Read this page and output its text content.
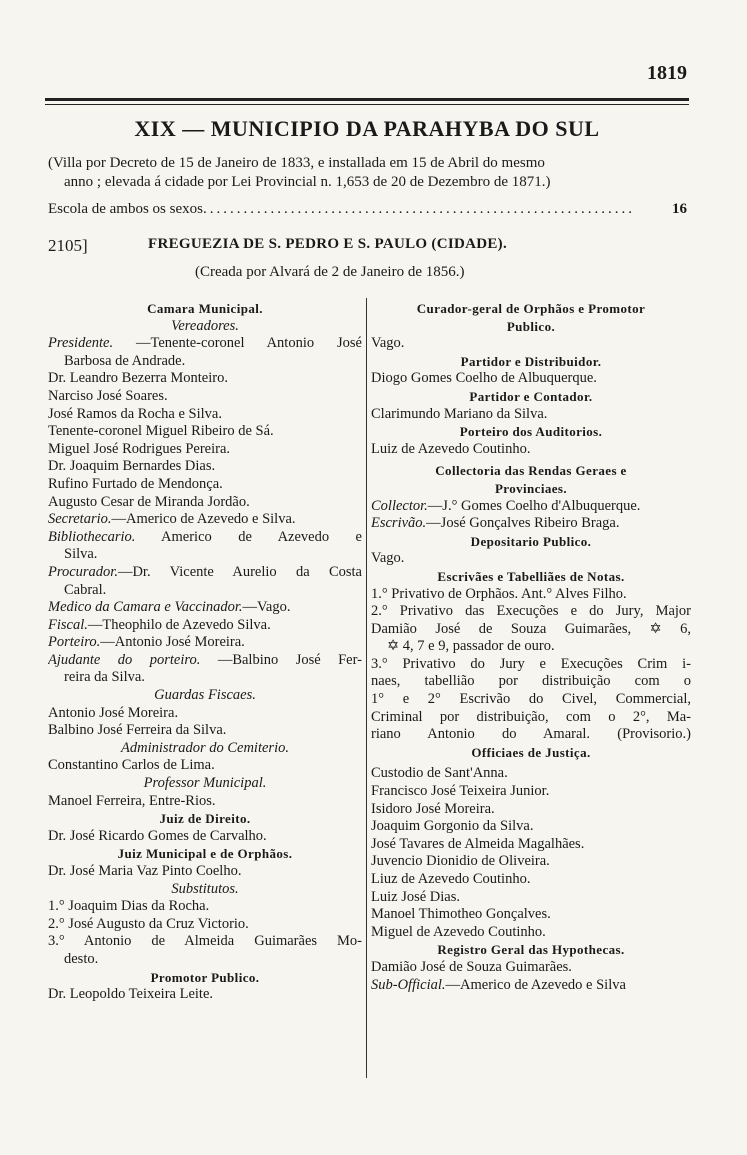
1819
XIX — MUNICIPIO DA PARAHYBA DO SUL
(Villa por Decreto de 15 de Janeiro de 1833, e installada em 15 de Abril do mesmo
anno ; elevada á cidade por Lei Provincial n. 1,653 de 20 de Dezembro de 1871.)
Escola de ambos os sexos ................................................................	16
2105]	FREGUEZIA DE S. PEDRO E S. PAULO (CIDADE).
(Creada por Alvará de 2 de Janeiro de 1856.)
Camara Municipal.
Vereadores.
Presidente. —Tenente-coronel Antonio José
Barbosa de Andrade.
Dr. Leandro Bezerra Monteiro.
Narciso José Soares.
José Ramos da Rocha e Silva.
Tenente-coronel Miguel Ribeiro de Sá.
Miguel José Rodrigues Pereira.
Dr. Joaquim Bernardes Dias.
Rufino Furtado de Mendonça.
Augusto Cesar de Miranda Jordão.
Secretario.—Americo de Azevedo e Silva.
Bibliothecario. Americo de Azevedo e
Silva.
Procurador.—Dr. Vicente Aurelio da Costa
Cabral.
Medico da Camara e Vaccinador.—Vago.
Fiscal.—Theophilo de Azevedo Silva.
Porteiro.—Antonio José Moreira.
Ajudante do porteiro. —Balbino José Fer-
reira da Silva.
Guardas Fiscaes.
Antonio José Moreira.
Balbino José Ferreira da Silva.
Administrador do Cemiterio.
Constantino Carlos de Lima.
Professor Municipal.
Manoel Ferreira, Entre-Rios.
Juiz de Direito.
Dr. José Ricardo Gomes de Carvalho.
Juiz Municipal e de Orphãos.
Dr. José Maria Vaz Pinto Coelho.
Substitutos.
1.° Joaquim Dias da Rocha.
2.° José Augusto da Cruz Victorio.
3.° Antonio de Almeida Guimarães Mo-
desto.
Promotor Publico.
Dr. Leopoldo Teixeira Leite.
Curador-geral de Orphãos e Promotor
Publico.
Vago.
Partidor e Distribuidor.
Diogo Gomes Coelho de Albuquerque.
Partidor e Contador.
Clarimundo Mariano da Silva.
Porteiro dos Auditorios.
Luiz de Azevedo Coutinho.
Collectoria das Rendas Geraes e
Provinciaes.
Collector.—J.° Gomes Coelho d'Albuquerque.
Escrivão.—José Gonçalves Ribeiro Braga.
Depositario Publico.
Vago.
Escrivães e Tabelliães de Notas.
1.° Privativo de Orphãos. Ant.° Alves Filho.
2.° Privativo das Execuções e do Jury, Major
Damião José de Souza Guimarães, ✡ 6,
✡ 4, 7 e 9, passador de ouro.
3.° Privativo do Jury e Execuções Crim i-
naes, tabellião por distribuição com o
1° e 2° Escrivão do Civel, Commercial,
Criminal por distribuição, com o 2°, Ma-
riano Antonio do Amaral. (Provisorio.)
Officiaes de Justiça.
Custodio de Sant'Anna.
Francisco José Teixeira Junior.
Isidoro José Moreira.
Joaquim Gorgonio da Silva.
José Tavares de Almeida Magalhães.
Juvencio Dionidio de Oliveira.
Liuz de Azevedo Coutinho.
Luiz José Dias.
Manoel Thimotheo Gonçalves.
Miguel de Azevedo Coutinho.
Registro Geral das Hypothecas.
Damião José de Souza Guimarães.
Sub-Official.—Americo de Azevedo e Silva
